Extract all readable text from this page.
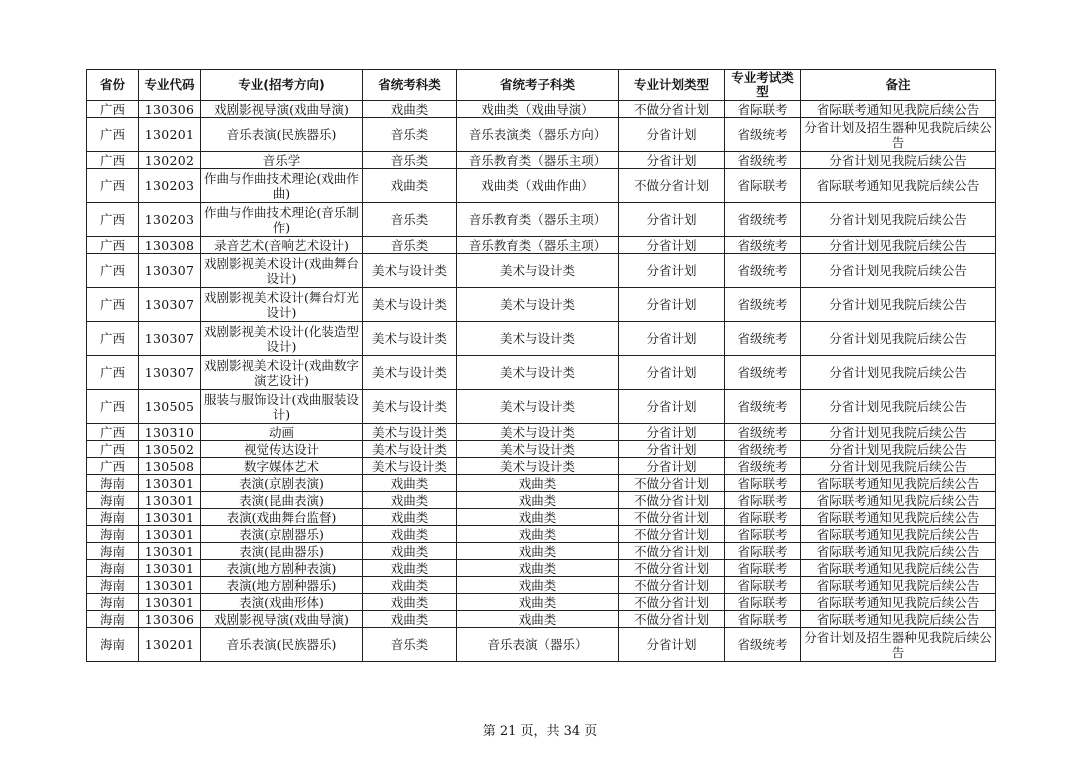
省份	专业代码	专业(招考方向)	省统考科类	省统考子科类	专业计划类型	专业考试类型	备注
广西	130306	戏剧影视导演(戏曲导演)	戏曲类	戏曲类（戏曲导演）	不做分省计划	省际联考	省际联考通知见我院后续公告
广西	130201	音乐表演(民族器乐)	音乐类	音乐表演类（器乐方向）	分省计划	省级统考	分省计划及招生器种见我院后续公告
广西	130202	音乐学	音乐类	音乐教育类（器乐主项）	分省计划	省级统考	分省计划见我院后续公告
广西	130203	作曲与作曲技术理论(戏曲作曲)	戏曲类	戏曲类（戏曲作曲）	不做分省计划	省际联考	省际联考通知见我院后续公告
广西	130203	作曲与作曲技术理论(音乐制作)	音乐类	音乐教育类（器乐主项）	分省计划	省级统考	分省计划见我院后续公告
广西	130308	录音艺术(音响艺术设计)	音乐类	音乐教育类（器乐主项）	分省计划	省级统考	分省计划见我院后续公告
广西	130307	戏剧影视美术设计(戏曲舞台设计)	美术与设计类	美术与设计类	分省计划	省级统考	分省计划见我院后续公告
广西	130307	戏剧影视美术设计(舞台灯光设计)	美术与设计类	美术与设计类	分省计划	省级统考	分省计划见我院后续公告
广西	130307	戏剧影视美术设计(化装造型设计)	美术与设计类	美术与设计类	分省计划	省级统考	分省计划见我院后续公告
广西	130307	戏剧影视美术设计(戏曲数字演艺设计)	美术与设计类	美术与设计类	分省计划	省级统考	分省计划见我院后续公告
广西	130505	服装与服饰设计(戏曲服装设计)	美术与设计类	美术与设计类	分省计划	省级统考	分省计划见我院后续公告
广西	130310	动画	美术与设计类	美术与设计类	分省计划	省级统考	分省计划见我院后续公告
广西	130502	视觉传达设计	美术与设计类	美术与设计类	分省计划	省级统考	分省计划见我院后续公告
广西	130508	数字媒体艺术	美术与设计类	美术与设计类	分省计划	省级统考	分省计划见我院后续公告
海南	130301	表演(京剧表演)	戏曲类	戏曲类	不做分省计划	省际联考	省际联考通知见我院后续公告
海南	130301	表演(昆曲表演)	戏曲类	戏曲类	不做分省计划	省际联考	省际联考通知见我院后续公告
海南	130301	表演(戏曲舞台监督)	戏曲类	戏曲类	不做分省计划	省际联考	省际联考通知见我院后续公告
海南	130301	表演(京剧器乐)	戏曲类	戏曲类	不做分省计划	省际联考	省际联考通知见我院后续公告
海南	130301	表演(昆曲器乐)	戏曲类	戏曲类	不做分省计划	省际联考	省际联考通知见我院后续公告
海南	130301	表演(地方剧种表演)	戏曲类	戏曲类	不做分省计划	省际联考	省际联考通知见我院后续公告
海南	130301	表演(地方剧种器乐)	戏曲类	戏曲类	不做分省计划	省际联考	省际联考通知见我院后续公告
海南	130301	表演(戏曲形体)	戏曲类	戏曲类	不做分省计划	省际联考	省际联考通知见我院后续公告
海南	130306	戏剧影视导演(戏曲导演)	戏曲类	戏曲类	不做分省计划	省际联考	省际联考通知见我院后续公告
海南	130201	音乐表演(民族器乐)	音乐类	音乐表演（器乐）	分省计划	省级统考	分省计划及招生器种见我院后续公告
第 21 页，共 34 页
